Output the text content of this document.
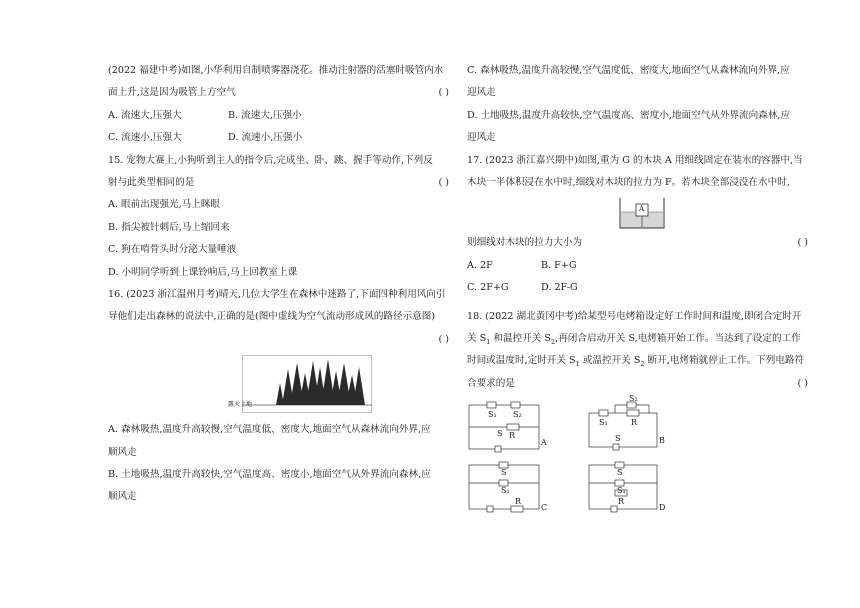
(2022 福建中考)如图,小华利用自制喷雾器浇花。推动注射器的活塞时吸管内水
面上升,这是因为吸管上方空气	( )
A. 流速大,压强大	B. 流速大,压强小
C. 流速小,压强大	D. 流速小,压强小
15. 宠物大赛上,小狗听到主人的指令后,完成坐、卧、跳、握手等动作,下列反
射与此类型相同的是	( )
A. 眼前出现强光,马上眯眼
B. 指尖被针刺后,马上缩回来
C. 狗在啃骨头时分泌大量唾液
D. 小明同学听到上课铃响后,马上回教室上课
16. (2023 浙江温州月考)晴天,几位大学生在森林中迷路了,下面四种利用风向引
导他们走出森林的说法中,正确的是(图中虚线为空气流动形成风的路径示意图)
( )
露天土地
A. 森林吸热,温度升高较慢,空气温度低、密度大,地面空气从森林流向外界,应
顺风走
B. 土地吸热,温度升高较快,空气温度高、密度小,地面空气从外界流向森林,应
顺风走
C. 森林吸热,温度升高较慢,空气温度低、密度大,地面空气从森林流向外界,应
迎风走
D. 土地吸热,温度升高较快,空气温度高、密度小,地面空气从外界流向森林,应
迎风走
17. (2023 浙江嘉兴期中)如图,重为 G 的木块 A 用细线固定在装水的容器中,当
木块一半体积浸在水中时,细线对木块的拉力为 F。若木块全部浸没在水中时,
A
则细线对木块的拉力大小为	( )
A. 2F	B. F+G
C. 2F+G	D. 2F-G
18. (2022 湖北黄冈中考)给某型号电烤箱设定好工作时间和温度,即闭合定时开
关 $S_1$ 和温控开关 $S_2$,再闭合启动开关 S,电烤箱开始工作。当达到了设定的工作
时间或温度时,定时开关 $S_1$ 或温控开关 $S_2$ 断开,电烤箱就停止工作。下列电路符
合要求的是	( )
S₁ S₂
S R
A
S₂
S₁	R
S	B
S
S₁
R
C
S
S₁
R
D
